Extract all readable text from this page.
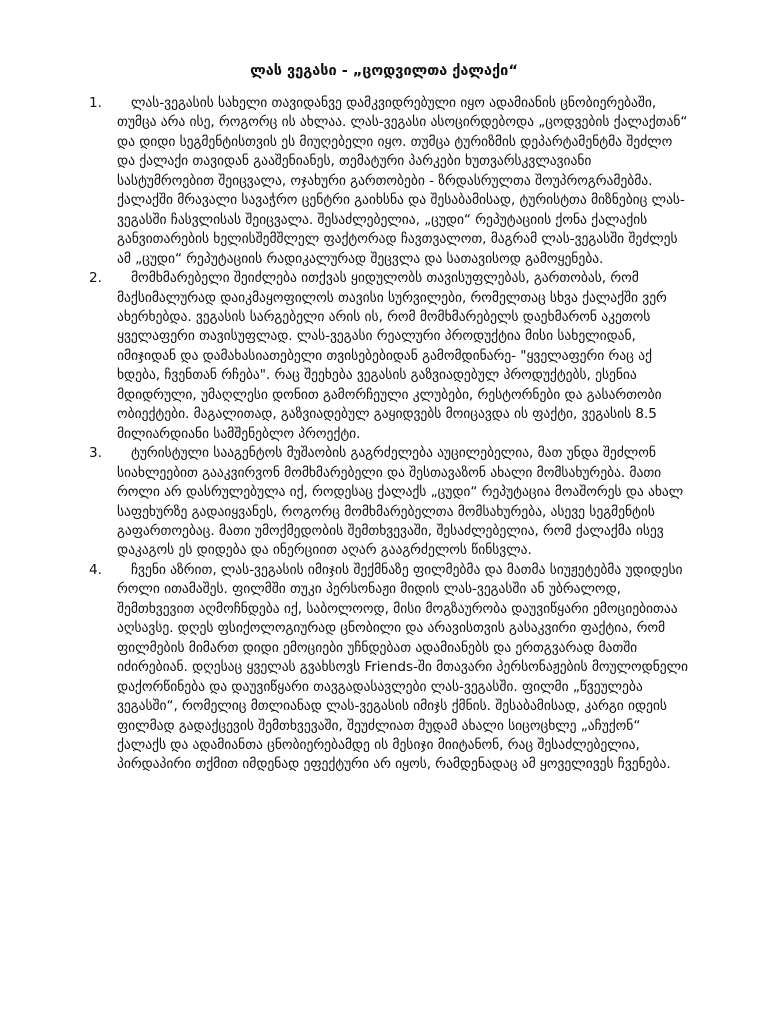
ლას ვეგასი - „ცოდვილთა ქალაქი“
1. ლას-ვეგასის სახელი თავიდანვე დამკვიდრებული იყო ადამიანის ცნობიერებაში, თუმცა არა ისე, როგორც ის ახლაა. ლას-ვეგასი ასოცირდებოდა „ცოდვების ქალაქთან“ და დიდი სეგმენტისთვის ეს მიუღებელი იყო. თუმცა ტურიზმის დეპარტამენტმა შეძლო და ქალაქი თავიდან გააშენიანეს, თემატური პარკები ხუთვარსკვლავიანი სასტუმროებით შეიცვალა, ოჯახური გართობები - ზრდასრულთა შოუპროგრამებმა. ქალაქში მრავალი სავაჭრო ცენტრი გაიხსნა და შესაბამისად, ტურისტთა მიზნებიც ლას-ვეგასში ჩასვლისას შეიცვალა. შესაძლებელია, „ცუდი“ რეპუტაციის ქონა ქალაქის განვითარების ხელისშემშლელ ფაქტორად ჩავთვალოთ, მაგრამ ლას-ვეგასში შეძლეს ამ „ცუდი“ რეპუტაციის რადიკალურად შეცვლა და სათავისოდ გამოყენება.
2. მომხმარებელი შეიძლება ითქვას ყიდულობს თავისუფლებას, გართობას, რომ მაქსიმალურად დაიკმაყოფილოს თავისი სურვილები, რომელთაც სხვა ქალაქში ვერ ახერხებდა. ვეგასის სარგებელი არის ის, რომ მომხმარებელს დაეხმარონ აკეთოს ყველაფერი თავისუფლად. ლას-ვეგასი რეალური პროდუქტია მისი სახელიდან, იმიჯიდან და დამახასიათებელი თვისებებიდან გამომდინარე- "ყველაფერი რაც აქ ხდება, ჩვენთან რჩება". რაც შეეხება ვეგასის გაზვიადებულ პროდუქტებს, ესენია მდიდრული, უმაღლესი დონით გამორჩეული კლუბები, რესტორნები და გასართობი ობიექტები. მაგალითად, გაზვიადებულ გაყიდვებს მოიცავდა ის ფაქტი, ვეგასის 8.5 მილიარდიანი სამშენებლო პროექტი.
3. ტურისტული სააგენტოს მუშაობის გაგრძელება აუცილებელია, მათ უნდა შეძლონ სიახლეებით გააკვირვონ მომხმარებელი და შესთავაზონ ახალი მომსახურება. მათი როლი არ დასრულებულა იქ, როდესაც ქალაქს „ცუდი“ რეპუტაცია მოაშორეს და ახალ საფეხურზე გადაიყვანეს, როგორც მომხმარებელთა მომსახურება, ასევე სეგმენტის გაფართოებაც. მათი უმოქმედობის შემთხვევაში, შესაძლებელია, რომ ქალაქმა ისევ დაკაგოს ეს დიდება და ინერციით აღარ გააგრძელოს წინსვლა.
4. ჩვენი აზრით, ლას-ვეგასის იმიჯის შექმნაზე ფილმებმა და მათმა სიუჟეტებმა უდიდესი როლი ითამაშეს. ფილმში თუკი პერსონაჟი მიდის ლას-ვეგასში ან უბრალოდ, შემთხვევით აღმოჩნდება იქ, საბოლოოდ, მისი მოგზაურობა დაუვიწყარი ემოციებითაა აღსავსე. დღეს ფსიქოლოგიურად ცნობილი და არავისთვის გასაკვირი ფაქტია, რომ ფილმების მიმართ დიდი ემოციები უჩნდებათ ადამიანებს და ერთგვარად მათში იძირებიან. დღესაც ყველას გვახსოვს Friends-ში მთავარი პერსონაჟების მოულოდნელი დაქორწინება და დაუვიწყარი თავგადასავლები ლას-ვეგასში. ფილმი „წვეულება ვეგასში“, რომელიც მთლიანად ლას-ვეგასის იმიჯს ქმნის. შესაბამისად, კარგი იდეის ფილმად გადაქცევის შემთხვევაში, შეუძლიათ მუდამ ახალი სიცოცხლე „აჩუქონ“ ქალაქს და ადამიანთა ცნობიერებამდე ის მესიჯი მიიტანონ, რაც შესაძლებელია, პირდაპირი თქმით იმდენად ეფექტური არ იყოს, რამდენადაც ამ ყოველივეს ჩვენება.
